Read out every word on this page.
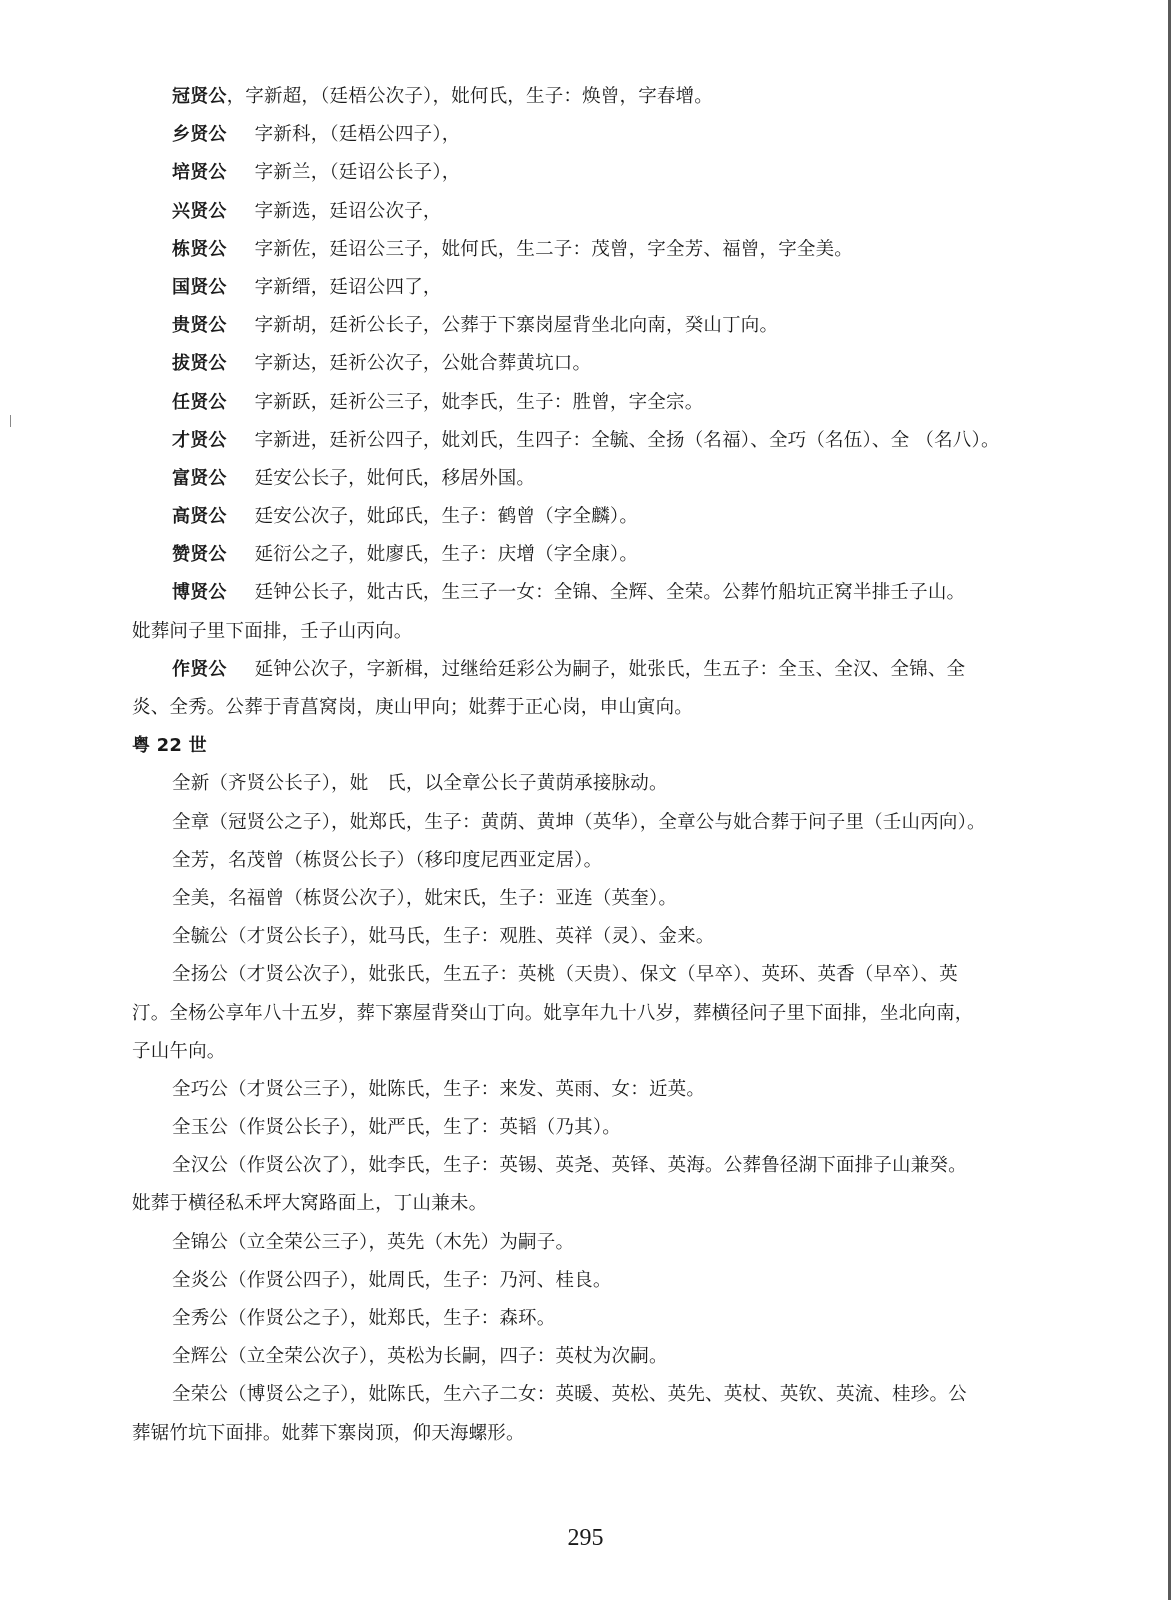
冠贤公，字新超，（廷梧公次子），妣何氏，生子：焕曾，字春增。
乡贤公 字新科，（廷梧公四子），
培贤公 字新兰，（廷诏公长子），
兴贤公 字新选，廷诏公次子，
栋贤公 字新佐，廷诏公三子，妣何氏，生二子：茂曾，字全芳、福曾，字全美。
国贤公 字新缙，廷诏公四了，
贵贤公 字新胡，廷祈公长子，公葬于下寨岗屋背坐北向南，癸山丁向。
拔贤公 字新达，廷祈公次子，公妣合葬黄坑口。
任贤公 字新跃，廷祈公三子，妣李氏，生子：胜曾，字全宗。
才贤公 字新进，廷祈公四子，妣刘氏，生四子：全毓、全扬（名福）、全巧（名伍）、全 （名八）。
富贤公 廷安公长子，妣何氏，移居外国。
高贤公 廷安公次子，妣邱氏，生子：鹤曾（字全麟）。
赞贤公 延衍公之子，妣廖氏，生子：庆增（字全康）。
博贤公 廷钟公长子，妣古氏，生三子一女：全锦、全辉、全荣。公葬竹船坑正窝半排壬子山。
妣葬问子里下面排，壬子山丙向。
作贤公 延钟公次子，字新楫，过继给廷彩公为嗣子，妣张氏，生五子：全玉、全汉、全锦、全
炎、全秀。公葬于青菖窝岗，庚山甲向；妣葬于正心岗，申山寅向。
粤 22 世
全新（齐贤公长子），妣　氏，以全章公长子黄荫承接脉动。
全章（冠贤公之子），妣郑氏，生子：黄荫、黄坤（英华），全章公与妣合葬于问子里（壬山丙向）。
全芳，名茂曾（栋贤公长子）（移印度尼西亚定居）。
全美，名福曾（栋贤公次子），妣宋氏，生子：亚连（英奎）。
全毓公（才贤公长子），妣马氏，生子：观胜、英祥（灵）、金来。
全扬公（才贤公次子），妣张氏，生五子：英桃（天贵）、保文（早卒）、英环、英香（早卒）、英
汀。全杨公享年八十五岁，葬下寨屋背癸山丁向。妣享年九十八岁，葬横径问子里下面排，坐北向南，
子山午向。
全巧公（才贤公三子），妣陈氏，生子：来发、英雨、女：近英。
全玉公（作贤公长子），妣严氏，生了：英韬（乃其）。
全汉公（作贤公次了），妣李氏，生子：英锡、英尧、英铎、英海。公葬鲁径湖下面排子山兼癸。
妣葬于横径私禾坪大窝路面上，丁山兼未。
全锦公（立全荣公三子），英先（木先）为嗣子。
全炎公（作贤公四子），妣周氏，生子：乃河、桂良。
全秀公（作贤公之子），妣郑氏，生子：森环。
全辉公（立全荣公次子），英松为长嗣，四子：英杖为次嗣。
全荣公（博贤公之子），妣陈氏，生六子二女：英暖、英松、英先、英杖、英钦、英流、桂珍。公
葬锯竹坑下面排。妣葬下寨岗顶，仰天海螺形。
295
